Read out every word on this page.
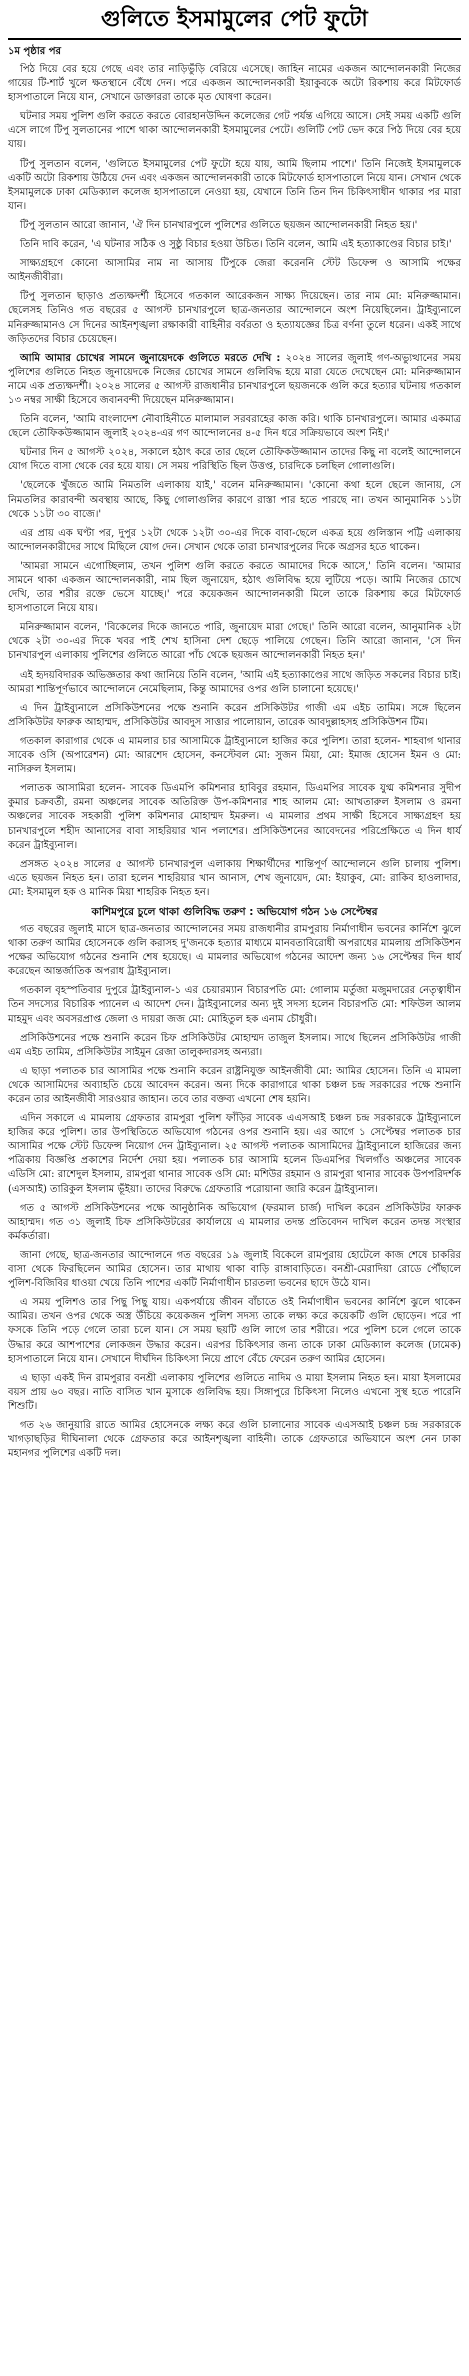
গুলিতে ইসমামুলের পেট ফুটো
১ম পৃষ্ঠার পর

পিঠ দিয়ে বের হয়ে গেছে এবং তার নাড়িভুঁড়ি বেরিয়ে এসেছে। জাহিন নামের একজন আন্দোলনকারী নিজের গায়ের টি-শার্ট খুলে ক্ষতস্থানে বেঁধে দেন। পরে একজন আন্দোলনকারী ইয়াকুবকে অটো রিকশায় করে মিটফোর্ড হাসপাতালে নিয়ে যান, সেখানে ডাক্তাররা তাকে মৃত ঘোষণা করেন।

ঘটনার সময় পুলিশ গুলি করতে করতে বোরহানউদ্দিন কলেজের গেট পর্যন্ত এগিয়ে আসে। সেই সময় একটি গুলি এসে লাগে টিপু সুলতানের পাশে থাকা আন্দোলনকারী ইসমামুলের পেটে। গুলিটি পেট ভেদ করে পিঠ দিয়ে বের হয়ে যায়।

টিপু সুলতান বলেন, 'গুলিতে ইসমামুলের পেট ফুটো হয়ে যায়, আমি ছিলাম পাশে।' তিনি নিজেই ইসমামুলকে একটি অটো রিকশায় উঠিয়ে দেন এবং একজন আন্দোলনকারী তাকে মিটফোর্ড হাসপাতালে নিয়ে যান। সেখান থেকে ইসমামুলকে ঢাকা মেডিক্যাল কলেজ হাসপাতালে নেওয়া হয়, যেখানে তিনি তিন দিন চিকিৎসাধীন থাকার পর মারা যান।

টিপু সুলতান আরো জানান, 'ঐ দিন চানখারপুলে পুলিশের গুলিতে ছয়জন আন্দোলনকারী নিহত হয়।'

তিনি দাবি করেন, 'এ ঘটনার সঠিক ও সুষ্ঠু বিচার হওয়া উচিত। তিনি বলেন, আমি এই হত্যাকাণ্ডের বিচার চাই।'

সাক্ষ্যগ্রহণে কোনো আসামির নাম না আসায় টিপুকে জেরা করেননি স্টেট ডিফেন্স ও আসামি পক্ষের আইনজীবীরা।

টিপু সুলতান ছাড়াও প্রত্যক্ষদর্শী হিসেবে গতকাল আরেকজন সাক্ষ্য দিয়েছেন। তার নাম মো: মনিরুজ্জামান। ছেলেসহ তিনিও গত বছরের ৫ আগস্ট চানখারপুলে ছাত্র-জনতার আন্দোলনে অংশ নিয়েছিলেন। ট্রাইব্যুনালে মনিরুজ্জামানও সে দিনের আইনশৃঙ্খলা রক্ষাকারী বাহিনীর বর্বরতা ও হত্যাযজ্ঞের চিত্র বর্ণনা তুলে ধরেন। একই সাথে জড়িতদের বিচার চেয়েছেন।

আমি আমার চোখের সামনে জুনায়েদকে গুলিতে মরতে দেখি : ২০২৪ সালের জুলাই গণ-অভ্যুত্থানের সময় পুলিশের গুলিতে নিহত জুনায়েদকে নিজের চোখের সামনে গুলিবিদ্ধ হয়ে মারা যেতে দেখেছেন মো: মনিরুজ্জামান নামে এক প্রত্যক্ষদর্শী। ২০২৪ সালের ৫ আগস্ট রাজধানীর চানখারপুলে ছয়জনকে গুলি করে হত্যার ঘটনায় গতকাল ১৩ নম্বর সাক্ষী হিসেবে জবানবন্দী দিয়েছেন মনিরুজ্জামান।

তিনি বলেন, 'আমি বাংলাদেশ নৌবাহিনীতে মালামাল সরবরাহের কাজ করি। থাকি চানখারপুলে। আমার একমাত্র ছেলে তৌফিকউজ্জামান জুলাই ২০২৪-এর গণ আন্দোলনের ৪-৫ দিন ধরে সক্রিয়ভাবে অংশ নিই।'

ঘটনার দিন ৫ আগস্ট ২০২৪, সকালে হঠাৎ করে তার ছেলে তৌফিকউজ্জামান তাদের কিছু না বলেই আন্দোলনে যোগ দিতে বাসা থেকে বের হয়ে যায়। সে সময় পরিস্থিতি ছিল উত্তপ্ত, চারদিকে চলছিল গোলাগুলি।

'ছেলেকে খুঁজতে আমি নিমতলি এলাকায় যাই,' বলেন মনিরুজ্জামান। 'কোনো কথা হলে ছেলে জানায়, সে নিমতলির কারাবন্দী অবস্থায় আছে, কিছু গোলাগুলির কারণে রাস্তা পার হতে পারছে না। তখন আনুমানিক ১১টা থেকে ১১টা ৩০ বাজে।'

এর প্রায় এক ঘণ্টা পর, দুপুর ১২টা থেকে ১২টা ৩০-এর দিকে বাবা-ছেলে একত্র হয়ে গুলিস্তান পট্টি এলাকায় আন্দোলনকারীদের সাথে মিছিলে যোগ দেন। সেখান থেকে তারা চানখারপুলের দিকে অগ্রসর হতে থাকেন।

'আমরা সামনে এগোচ্ছিলাম, তখন পুলিশ গুলি করতে করতে আমাদের দিকে আসে,' তিনি বলেন। 'আমার সামনে থাকা একজন আন্দোলনকারী, নাম ছিল জুনায়েদ, হঠাৎ গুলিবিদ্ধ হয়ে লুটিয়ে পড়ে। আমি নিজের চোখে দেখি, তার শরীর রক্তে ভেসে যাচ্ছে।' পরে কয়েকজন আন্দোলনকারী মিলে তাকে রিকশায় করে মিটফোর্ড হাসপাতালে নিয়ে যায়।

মনিরুজ্জামান বলেন, 'বিকেলের দিকে জানতে পারি, জুনায়েদ মারা গেছে।' তিনি আরো বলেন, আনুমানিক ২টা থেকে ২টা ৩০-এর দিকে খবর পাই শেখ হাসিনা দেশ ছেড়ে পালিয়ে গেছেন। তিনি আরো জানান, 'সে দিন চানখারপুল এলাকায় পুলিশের গুলিতে আরো পাঁচ থেকে ছয়জন আন্দোলনকারী নিহত হন।'

এই হৃদয়বিদারক অভিজ্ঞতার কথা জানিয়ে তিনি বলেন, 'আমি এই হত্যাকাণ্ডের সাথে জড়িত সকলের বিচার চাই। আমরা শান্তিপূর্ণভাবে আন্দোলনে নেমেছিলাম, কিন্তু আমাদের ওপর গুলি চালানো হয়েছে।'

এ দিন ট্রাইব্যুনালে প্রসিকিউশনের পক্ষে শুনানি করেন প্রসিকিউটর গাজী এম এইচ তামিম। সঙ্গে ছিলেন প্রসিকিউটর ফারুক আহাম্মদ, প্রসিকিউটর আবদুস সাত্তার পালোয়ান, তারেক আবদুল্লাহসহ প্রসিকিউশন টিম।

গতকাল কারাগার থেকে এ মামলার চার আসামিকে ট্রাইব্যুনালে হাজির করে পুলিশ। তারা হলেন- শাহবাগ থানার সাবেক ওসি (অপারেশন) মো: আরশেদ হোসেন, কনস্টেবল মো: সুজন মিয়া, মো: ইমাজ হোসেন ইমন ও মো: নাসিরুল ইসলাম।

পলাতক আসামিরা হলেন- সাবেক ডিএমপি কমিশনার হাবিবুর রহমান, ডিএমপির সাবেক যুগ্ম কমিশনার সুদীপ কুমার চক্রবর্তী, রমনা অঞ্চলের সাবেক অতিরিক্ত উপ-কমিশনার শাহ আলম মো: আখতারুল ইসলাম ও রমনা অঞ্চলের সাবেক সহকারী পুলিশ কমিশনার মোহাম্মদ ইমরুল। এ মামলার প্রথম সাক্ষী হিসেবে সাক্ষ্যগ্রহণ হয় চানখারপুলে শহীদ আনাসের বাবা সাহরিয়ার খান পলাশের। প্রসিকিউশনের আবেদনের পরিপ্রেক্ষিতে এ দিন ধার্য করেন ট্রাইব্যুনাল।

প্রসঙ্গত ২০২৪ সালের ৫ আগস্ট চানখারপুল এলাকায় শিক্ষার্থীদের শান্তিপূর্ণ আন্দোলনে গুলি চালায় পুলিশ। এতে ছয়জন নিহত হন। তারা হলেন শাহরিয়ার খান আনাস, শেখ জুনায়েদ, মো: ইয়াকুব, মো: রাকিব হাওলাদার, মো: ইসমামুল হক ও মানিক মিয়া শাহরিক নিহত হন।

কাশিমপুরে চুলে থাকা গুলিবিদ্ধ তরুণ : অভিযোগ গঠন ১৬ সেপ্টেম্বর

গত বছরের জুলাই মাসে ছাত্র-জনতার আন্দোলনের সময় রাজধানীর রামপুরায় নির্মাণাধীন ভবনের কার্নিশে ঝুলে থাকা তরুণ আমির হোসেনকে গুলি করাসহ দু'জনকে হত্যার মাধ্যমে মানবতাবিরোধী অপরাধের মামলায় প্রসিকিউশন পক্ষের অভিযোগ গঠনের শুনানি শেষ হয়েছে। এ মামলার অভিযোগ গঠনের আদেশ জন্য ১৬ সেপ্টেম্বর দিন ধার্য করেছেন আন্তর্জাতিক অপরাধ ট্রাইব্যুনাল।

গতকাল বৃহস্পতিবার দুপুরে ট্রাইব্যুনাল-১ এর চেয়ারম্যান বিচারপতি মো: গোলাম মর্তুজা মজুমদারের নেতৃত্বাধীন তিন সদস্যের বিচারিক প্যানেল এ আদেশ দেন। ট্রাইব্যুনালের অন্য দুই সদস্য হলেন বিচারপতি মো: শফিউল আলম মাহমুদ এবং অবসরপ্রাপ্ত জেলা ও দায়রা জজ মো: মোহিতুল হক এনাম চৌধুরী।

প্রসিকিউশনের পক্ষে শুনানি করেন চিফ প্রসিকিউটর মোহাম্মদ তাজুল ইসলাম। সাথে ছিলেন প্রসিকিউটর গাজী এম এইচ তামিম, প্রসিকিউটর সাইমুন রেজা তালুকদারসহ অন্যরা।

এ ছাড়া পলাতক চার আসামির পক্ষে শুনানি করেন রাষ্ট্রনিযুক্ত আইনজীবী মো: আমির হোসেন। তিনি এ মামলা থেকে আসামিদের অব্যাহতি চেয়ে আবেদন করেন। অন্য দিকে কারাগারে থাকা চঞ্চল চন্দ্র সরকারের পক্ষে শুনানি করেন তার আইনজীবী সারওয়ার জাহান। তবে তার বক্তব্য এখনো শেষ হয়নি।

এদিন সকালে এ মামলায় গ্রেফতার রামপুরা পুলিশ ফাঁড়ির সাবেক এএসআই চঞ্চল চন্দ্র সরকারকে ট্রাইব্যুনালে হাজির করে পুলিশ। তার উপস্থিতিতে অভিযোগ গঠনের ওপর শুনানি হয়। এর আগে ১ সেপ্টেম্বর পলাতক চার আসামির পক্ষে স্টেট ডিফেন্স নিয়োগ দেন ট্রাইব্যুনাল। ২৫ আগস্ট পলাতক আসামিদের ট্রাইব্যুনালে হাজিরের জন্য পত্রিকায় বিজ্ঞপ্তি প্রকাশের নির্দেশ দেয়া হয়। পলাতক চার আসামি হলেন ডিএমপির খিলগাঁও অঞ্চলের সাবেক এডিসি মো: রাশেদুল ইসলাম, রামপুরা থানার সাবেক ওসি মো: মশিউর রহমান ও রামপুরা থানার সাবেক উপপরিদর্শক (এসআই) তারিকুল ইসলাম ভূঁইয়া। তাদের বিরুদ্ধে গ্রেফতারি পরোয়ানা জারি করেন ট্রাইব্যুনাল।

গত ৫ আগস্ট প্রসিকিউশনের পক্ষে আনুষ্ঠানিক অভিযোগ (ফরমাল চার্জ) দাখিল করেন প্রসিকিউটর ফারুক আহাম্মদ। গত ৩১ জুলাই চিফ প্রসিকিউটরের কার্যালয়ে এ মামলার তদন্ত প্রতিবেদন দাখিল করেন তদন্ত সংস্থার কর্মকর্তারা।

জানা গেছে, ছাত্র-জনতার আন্দোলনে গত বছরের ১৯ জুলাই বিকেলে রামপুরায় হোটেলে কাজ শেষে চাকরির বাসা থেকে ফিরছিলেন আমির হোসেন। তার মাথায় থাকা বাড়ি রাঙ্গাবাড়িতে। বনশ্রী-মেরাদিয়া রোডে পৌঁছালে পুলিশ-বিজিবির ধাওয়া খেয়ে তিনি পাশের একটি নির্মাণাধীন চারতলা ভবনের ছাদে উঠে যান।

এ সময় পুলিশও তার পিছু পিছু যায়। একপর্যায়ে জীবন বাঁচাতে ওই নির্মাণাধীন ভবনের কার্নিশে ঝুলে থাকেন আমির। তখন ওপর থেকে অস্ত্র উঁচিয়ে কয়েকজন পুলিশ সদস্য তাকে লক্ষ্য করে কয়েকটি গুলি ছোড়েন। পরে পা ফসকে তিনি পড়ে গেলে তারা চলে যান। সে সময় ছয়টি গুলি লাগে তার শরীরে। পরে পুলিশ চলে গেলে তাকে উদ্ধার করে আশপাশের লোকজন উদ্ধার করেন। এরপর চিকিৎসার জন্য তাকে ঢাকা মেডিক্যাল কলেজ (ঢামেক) হাসপাতালে নিয়ে যান। সেখানে দীর্ঘদিন চিকিৎসা নিয়ে প্রাণে বেঁচে ফেরেন তরুণ আমির হোসেন।

এ ছাড়া একই দিন রামপুরার বনশ্রী এলাকায় পুলিশের গুলিতে নাদিম ও মায়া ইসলাম নিহত হন। মায়া ইসলামের বয়স প্রায় ৬০ বছর। নাতি বাসিত খান মুসাকে গুলিবিদ্ধ হয়। সিঙ্গাপুরে চিকিৎসা নিলেও এখনো সুস্থ হতে পারেনি শিশুটি।

গত ২৬ জানুয়ারি রাতে আমির হোসেনকে লক্ষ্য করে গুলি চালানোর সাবেক এএসআই চঞ্চল চন্দ্র সরকারকে খাগড়াছড়ির দীঘিনালা থেকে গ্রেফতার করে আইনশৃঙ্খলা বাহিনী। তাকে গ্রেফতারে অভিযানে অংশ নেন ঢাকা মহানগর পুলিশের একটি দল।
